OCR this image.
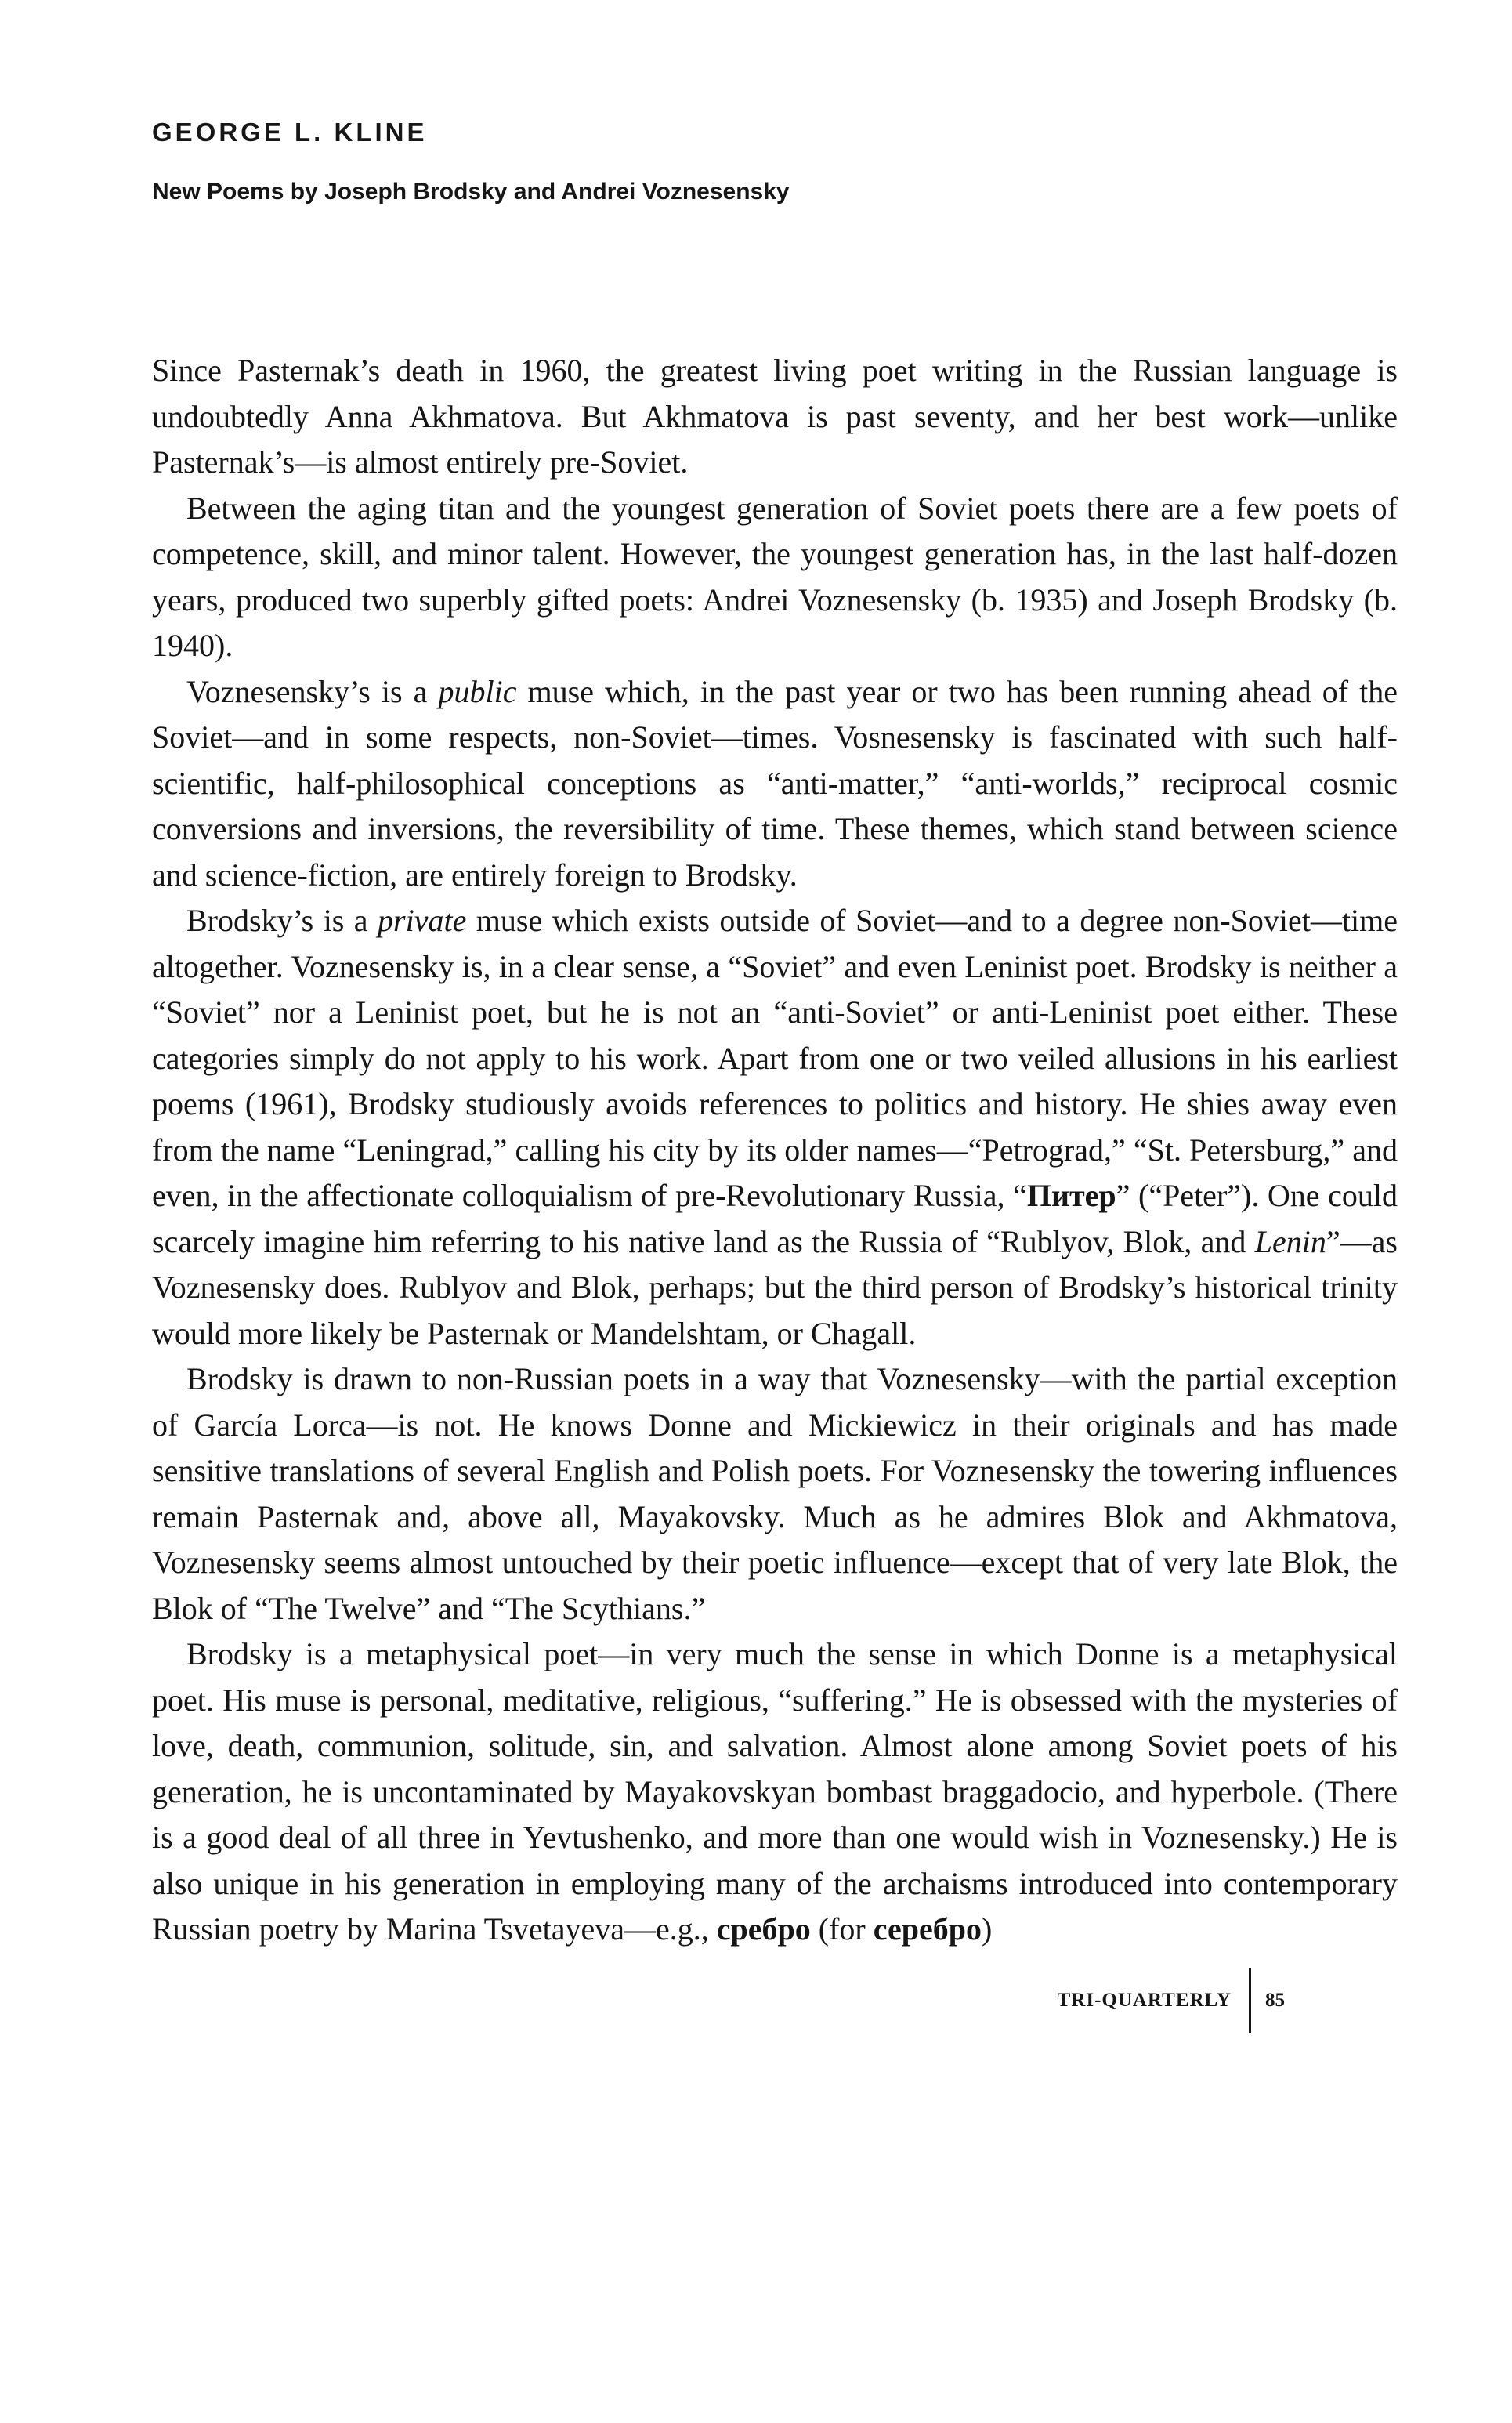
GEORGE L. KLINE
New Poems by Joseph Brodsky and Andrei Voznesensky

Since Pasternak’s death in 1960, the greatest living poet writing in the Russian language is undoubtedly Anna Akhmatova. But Akhmatova is past seventy, and her best work—unlike Pasternak’s—is almost entirely pre-Soviet.

Between the aging titan and the youngest generation of Soviet poets there are a few poets of competence, skill, and minor talent. However, the youngest generation has, in the last half-dozen years, produced two superbly gifted poets: Andrei Voznesensky (b. 1935) and Joseph Brodsky (b. 1940).

Voznesensky’s is a public muse which, in the past year or two has been running ahead of the Soviet—and in some respects, non-Soviet—times. Vosnesensky is fascinated with such half-scientific, half-philosophical conceptions as “anti-matter,” “anti-worlds,” reciprocal cosmic conversions and inversions, the reversibility of time. These themes, which stand between science and science-fiction, are entirely foreign to Brodsky.

Brodsky’s is a private muse which exists outside of Soviet—and to a degree non-Soviet—time altogether. Voznesensky is, in a clear sense, a “Soviet” and even Leninist poet. Brodsky is neither a “Soviet” nor a Leninist poet, but he is not an “anti-Soviet” or anti-Leninist poet either. These categories simply do not apply to his work. Apart from one or two veiled allusions in his earliest poems (1961), Brodsky studiously avoids references to politics and history. He shies away even from the name “Leningrad,” calling his city by its older names—“Petrograd,” “St. Petersburg,” and even, in the affectionate colloquialism of pre-Revolutionary Russia, “Питер” (“Peter”). One could scarcely imagine him referring to his native land as the Russia of “Rublyov, Blok, and Lenin”—as Voznesensky does. Rublyov and Blok, perhaps; but the third person of Brodsky’s historical trinity would more likely be Pasternak or Mandelshtam, or Chagall.

Brodsky is drawn to non-Russian poets in a way that Voznesensky—with the partial exception of García Lorca—is not. He knows Donne and Mickiewicz in their originals and has made sensitive translations of several English and Polish poets. For Voznesensky the towering influences remain Pasternak and, above all, Mayakovsky. Much as he admires Blok and Akhmatova, Voznesensky seems almost untouched by their poetic influence—except that of very late Blok, the Blok of “The Twelve” and “The Scythians.”

Brodsky is a metaphysical poet—in very much the sense in which Donne is a metaphysical poet. His muse is personal, meditative, religious, “suffering.” He is obsessed with the mysteries of love, death, communion, solitude, sin, and salvation. Almost alone among Soviet poets of his generation, he is uncontaminated by Mayakovskyan bombast braggadocio, and hyperbole. (There is a good deal of all three in Yevtushenko, and more than one would wish in Voznesensky.) He is also unique in his generation in employing many of the archaisms introduced into contemporary Russian poetry by Marina Tsvetayeva—e.g., сребро (for серебро)

TRI-QUARTERLY	85
